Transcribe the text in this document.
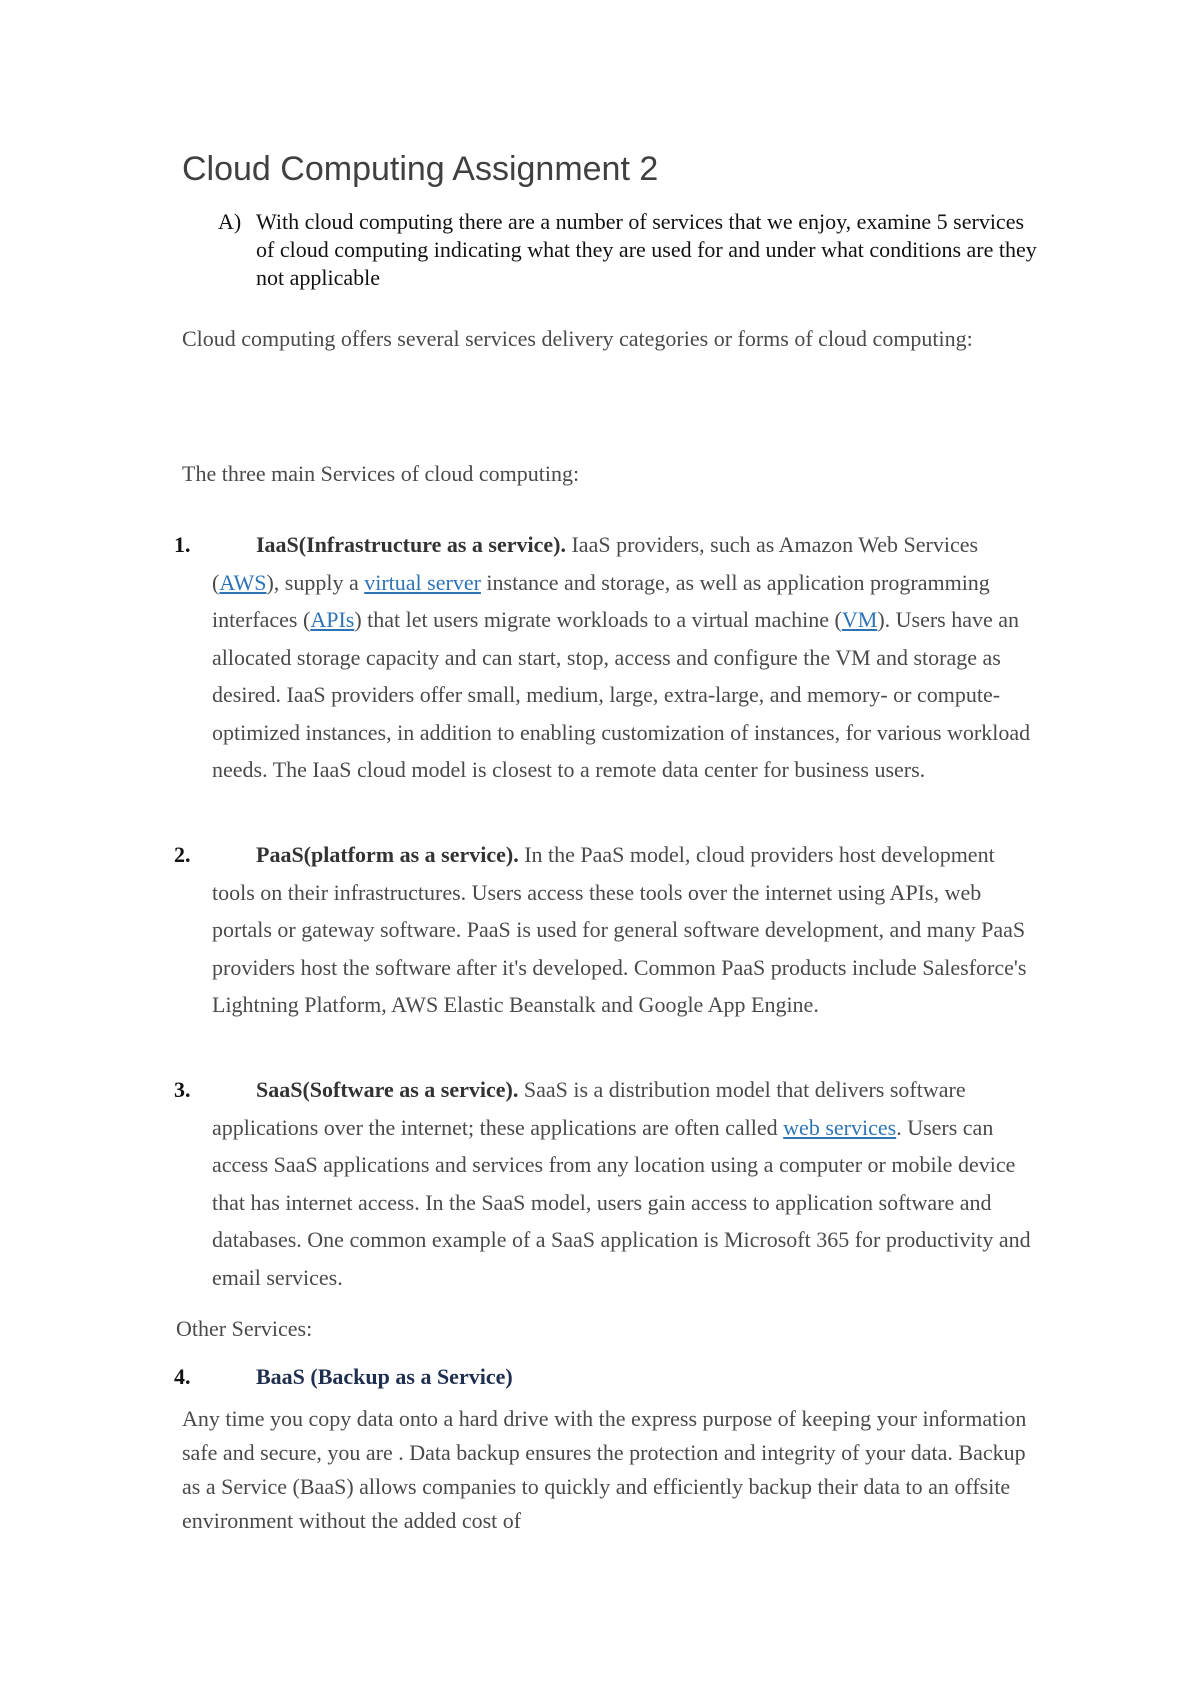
Cloud Computing Assignment 2
A) With cloud computing there are a number of services that we enjoy, examine 5 services of cloud computing indicating what they are used for and under what conditions are they not applicable

Cloud computing offers several services delivery categories or forms of cloud computing:

The three main Services of cloud computing:

1.	IaaS(Infrastructure as a service). IaaS providers, such as Amazon Web Services (AWS), supply a virtual server instance and storage, as well as application programming interfaces (APIs) that let users migrate workloads to a virtual machine (VM). Users have an allocated storage capacity and can start, stop, access and configure the VM and storage as desired. IaaS providers offer small, medium, large, extra-large, and memory- or compute-optimized instances, in addition to enabling customization of instances, for various workload needs. The IaaS cloud model is closest to a remote data center for business users.
2.	PaaS(platform as a service). In the PaaS model, cloud providers host development tools on their infrastructures. Users access these tools over the internet using APIs, web portals or gateway software. PaaS is used for general software development, and many PaaS providers host the software after it's developed. Common PaaS products include Salesforce's Lightning Platform, AWS Elastic Beanstalk and Google App Engine.
3.	SaaS(Software as a service). SaaS is a distribution model that delivers software applications over the internet; these applications are often called web services. Users can access SaaS applications and services from any location using a computer or mobile device that has internet access. In the SaaS model, users gain access to application software and databases. One common example of a SaaS application is Microsoft 365 for productivity and email services.

Other Services:

4.	BaaS (Backup as a Service)

Any time you copy data onto a hard drive with the express purpose of keeping your information safe and secure, you are . Data backup ensures the protection and integrity of your data. Backup as a Service (BaaS) allows companies to quickly and efficiently backup their data to an offsite environment without the added cost of
